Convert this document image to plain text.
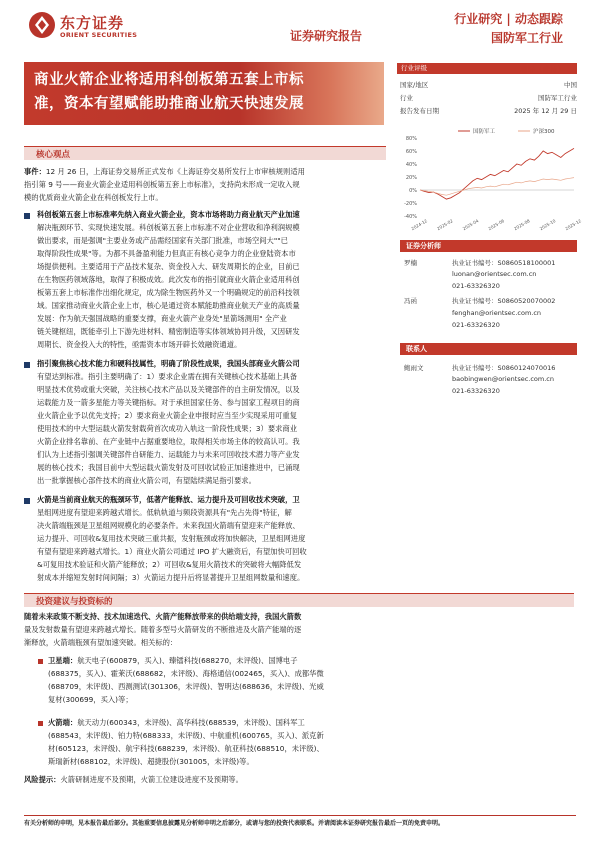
东方证券
ORIENT SECURITIES	证券研究报告
行业研究 | 动态跟踪
国防军工行业
商业火箭企业将适用科创板第五套上市标
准，资本有望赋能助推商业航天快速发展
行业评级	看好（维持）
国家/地区	中国
行业	国防军工行业
报告发布日期	2025 年 12 月 29 日
80%
60%
40%
20%
0%
-20%
-40%
2024-12 2025-02 2025-04 2025-06 2025-08 2025-10 2025-12
国防军工	沪深300
证券分析师
罗楠	执业证书编号：S0860518100001
luonan@orientsec.com.cn
021-63326320
冯函	执业证书编号：S0860520070002
fenghan@orientsec.com.cn
021-63326320
联系人
鲍雨文	执业证书编号：S0860124070016
baobingwen@orientsec.com.cn
021-63326320
核心观点
事件：12 月 26 日，上海证券交易所正式发布《上海证券交易所发行上市审核规则适用
指引第 9 号——商业火箭企业适用科创板第五套上市标准》，支持尚未形成一定收入规
模的优质商业火箭企业在科创板发行上市。
科创板第五套上市标准率先纳入商业火箭企业，资本市场将助力商业航天产业加速
解决瓶颈环节、实现快速发展。科创板第五套上市标准不对企业营收和净利润规模
做出要求，而是强调"主要业务或产品需经国家有关部门批准，市场空间大""已
取得阶段性成果"等。为都不具备盈利能力但真正有核心竞争力的企业登陆资本市
场提供便利。主要适用于产品技术复杂、资金投入大、研发周期长的企业，目前已
在生物医药领域落地，取得了积极成效。此次发布的指引就商业火箭企业适用科创
板第五套上市标准作出细化规定，成为除生物医药外又一个明确规定的前沿科技领
域。国家推动商业火箭企业上市，核心是通过资本赋能助推商业航天产业的高质量
发展：作为航天强国战略的重要支撑，商业火箭产业身处"星箭场测用" 全产业
链关键枢纽，既能牵引上下游先进材料、精密制造等实体领域协同升级，又因研发
周期长、资金投入大的特性，亟需资本市场开辟长效融资通道。
指引聚焦核心技术能力和硬科技属性，明确了阶段性成果，我国头部商业火箭公司
有望达到标准。指引主要明确了：1）要求企业需在拥有关键核心技术基础上具备
明显技术优势或重大突破，关注核心技术产品以及关键部件的自主研发情况，以及
运载能力及一箭多星能力等关键指标。对于承担国家任务、参与国家工程项目的商
业火箭企业予以优先支持；2）要求商业火箭企业申报时应当至少实现采用可重复
使用技术的中大型运载火箭发射载荷首次成功入轨这一阶段性成果；3）要求商业
火箭企业排名靠前、在产业链中占据重要地位，取得相关市场主体的较高认可。我
们认为上述指引强调关键部件自研能力、运载能力与未来可回收技术潜力等产业发
展的核心技术；我国目前中大型运载火箭发射及可回收试验正加速推进中，已涌现
出一批掌握核心部件技术的商业火箭公司，有望陆续满足指引要求。
火箭是当前商业航天的瓶颈环节，低著产能释放、运力提升及可回收技术突破，卫
星组网进度有望迎来跨越式增长。低轨轨道与频段资源具有"先占先得"特征，解
决火箭端瓶颈是卫星组网规模化的必要条件。未来我国火箭端有望迎来产能释放、
运力提升、可回收&复用技术突破三重共振，发射瓶颈或将加快解决，卫星组网进度
有望有望迎来跨越式增长。1）商业火箭公司通过 IPO 扩大融资后，有望加快可回收
&可复用技术验证和火箭产能释放；2）可回收&复用火箭技术的突破将大幅降低发
射成本并缩短发射时间间隔；3）火箭运力提升后将显著提升卫星组网数量和速度。
投资建议与投资标的
随着未来政策不断支持、技术加速迭代、火箭产能释放带来的供给端支持，我国火箭数
量及发射数量有望迎来跨越式增长。随着多型号火箭研发的不断推进及火箭产能端的逐
渐释放，火箭端瓶颈有望加速突破。相关标的：
卫星端：航天电子(600879，买入)、臻镭科技(688270，未评级)、国博电子
(688375，买入)、霍莱沃(688682，未评级)、海格通信(002465，买入)、成都华微
(688709，未评级)、西测测试(301306，未评级)、智明达(688636，未评级)、光威
复材(300699，买入)等；
火箭端：航天动力(600343，未评级)、高华科技(688539，未评级)、国科军工
(688543，未评级)、铂力特(688333，未评级)、中航重机(600765，买入)、派克新
材(605123，未评级)、航宇科技(688239，未评级)、航亚科技(688510，未评级)、
斯瑞新材(688102，未评级)、超捷股份(301005，未评级)等。
风险提示：火箭研制进度不及预期，火箭工位建设进度不及预期等。
有关分析师的申明，见本报告最后部分。其他重要信息披露见分析师申明之后部分，或请与您的投资代表联系。并请阅读本证券研究报告最后一页的免责申明。
